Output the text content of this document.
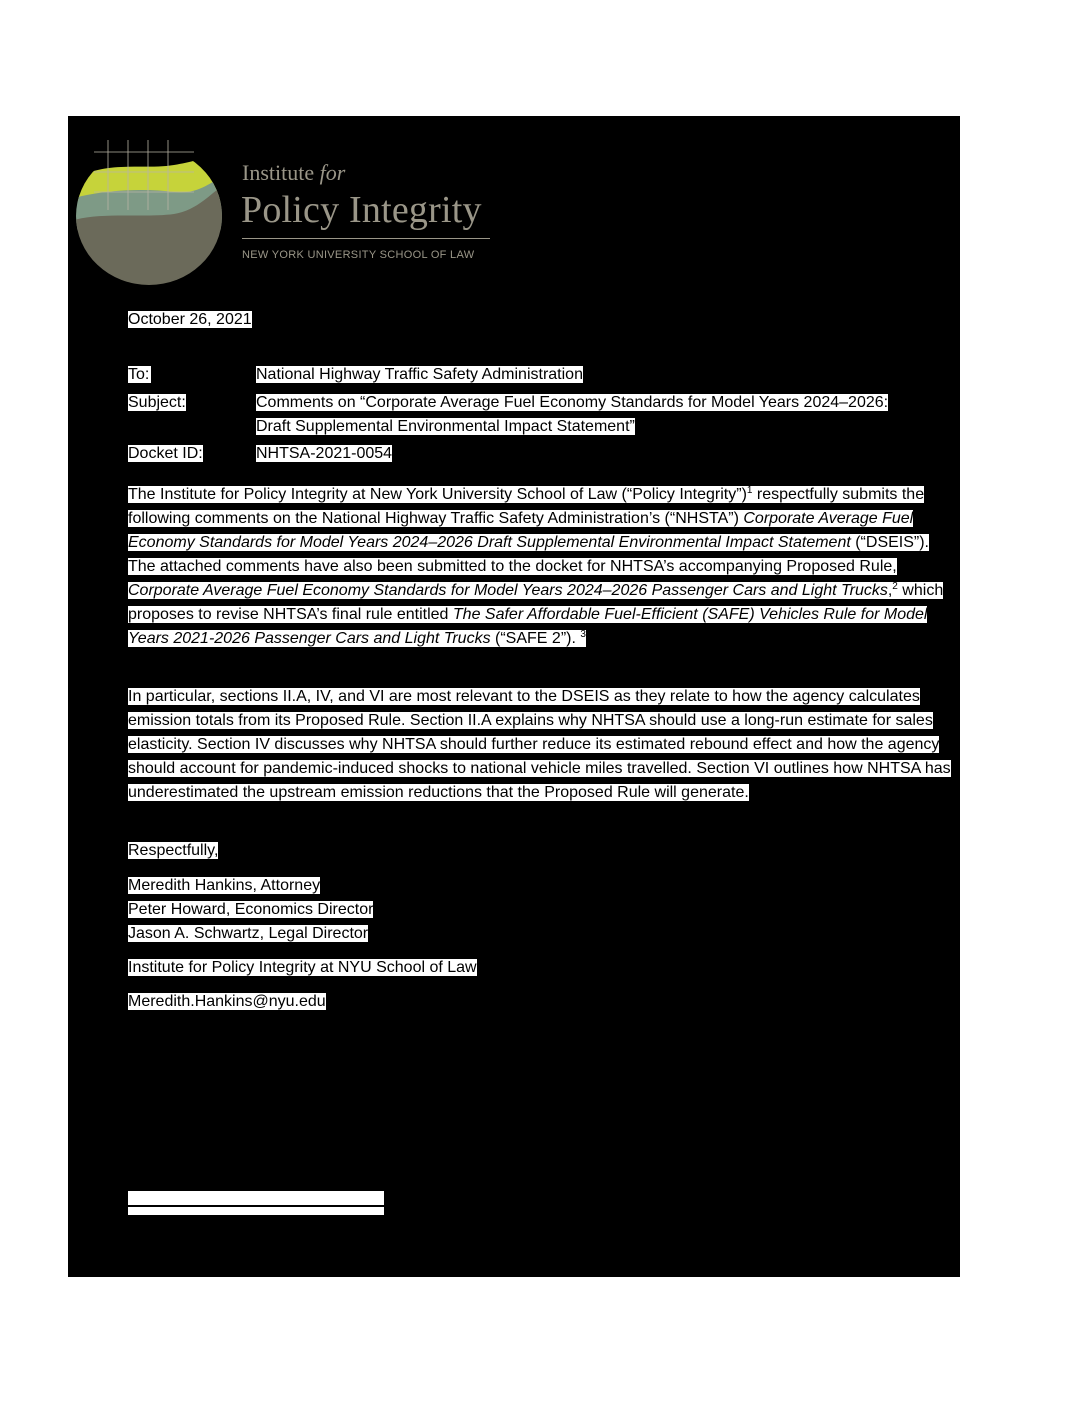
Institute for
Policy Integrity
NEW YORK UNIVERSITY SCHOOL OF LAW
October 26, 2021
To:	National Highway Traffic Safety Administration
Subject:	Comments on “Corporate Average Fuel Economy Standards for Model Years 2024–2026:
Draft Supplemental Environmental Impact Statement”
Docket ID:	NHTSA-2021-0054
The Institute for Policy Integrity at New York University School of Law (“Policy Integrity”)$^1$ respectfully submits the following comments on the National Highway Traffic Safety Administration’s (“NHSTA”) Corporate Average Fuel Economy Standards for Model Years 2024–2026 Draft Supplemental Environmental Impact Statement (“DSEIS”). The attached comments have also been submitted to the docket for NHTSA’s accompanying Proposed Rule, Corporate Average Fuel Economy Standards for Model Years 2024–2026 Passenger Cars and Light Trucks,$^2$ which proposes to revise NHTSA’s final rule entitled The Safer Affordable Fuel-Efficient (SAFE) Vehicles Rule for Model Years 2021-2026 Passenger Cars and Light Trucks (“SAFE 2”). $^3$
In particular, sections II.A, IV, and VI are most relevant to the DSEIS as they relate to how the agency calculates emission totals from its Proposed Rule. Section II.A explains why NHTSA should use a long-run estimate for sales elasticity. Section IV discusses why NHTSA should further reduce its estimated rebound effect and how the agency should account for pandemic-induced shocks to national vehicle miles travelled. Section VI outlines how NHTSA has underestimated the upstream emission reductions that the Proposed Rule will generate.
Respectfully,
Meredith Hankins, Attorney
Peter Howard, Economics Director
Jason A. Schwartz, Legal Director
Institute for Policy Integrity at NYU School of Law
Meredith.Hankins@nyu.edu
